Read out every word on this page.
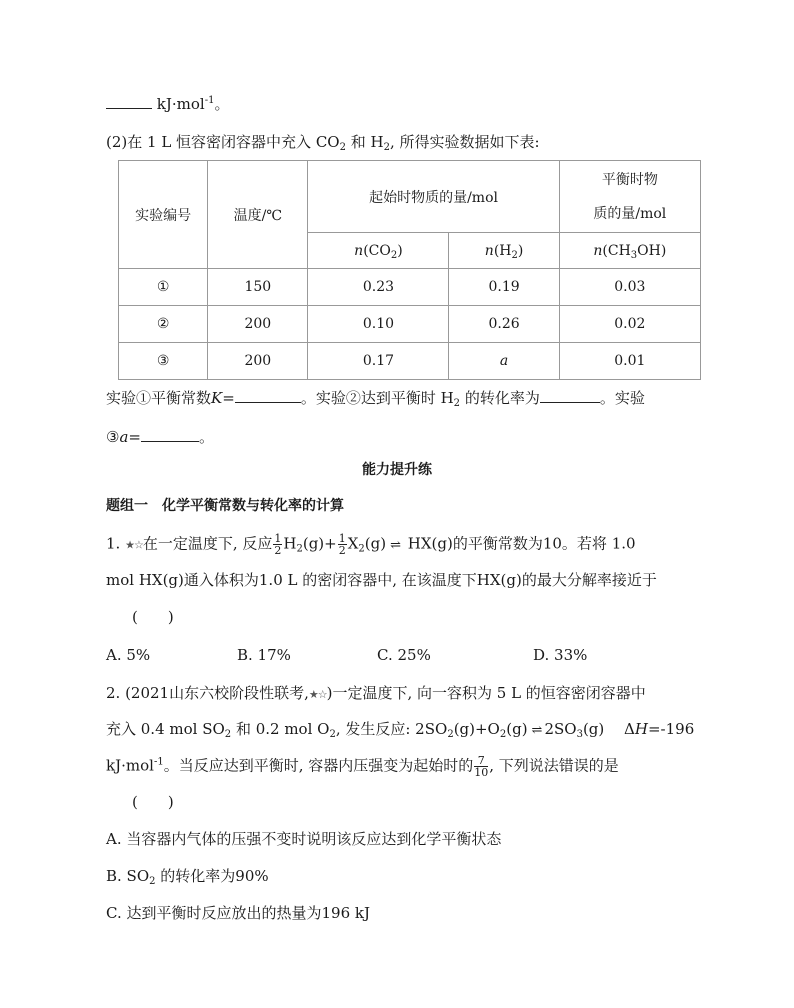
kJ·mol$^{-1}$。
(2)在 1 L 恒容密闭容器中充入 $CO_2$ 和 $H_2$, 所得实验数据如下表:
实验编号	温度/℃	起始时物质的量/mol		平衡时物
质的量/mol

		$n(CO_2)$	$n(H_2)$	$n(CH_3OH)$
①	150	0.23	0.19	0.03
②	200	0.10	0.26	0.02
③	200	0.17	a	0.01
实验①平衡常数K=	。实验②达到平衡时 $H_2$ 的转化率为	。实验
③a=	。
能力提升练
题组一　化学平衡常数与转化率的计算
1. ★☆在一定温度下, 反应 $\frac{1}{2} H_2(g)+ \frac{1}{2} X_2(g)$ ⇌ HX(g)的平衡常数为10。若将 1.0
mol HX(g)通入体积为1.0 L 的密闭容器中, 在该温度下HX(g)的最大分解率接近于
(　　)
A. 5%	B. 17%	C. 25%	D. 33%
2. (2021山东六校阶段性联考,★☆)一定温度下, 向一容积为 5 L 的恒容密闭容器中
充入 0.4 mol $SO_2$ 和 0.2 mol $O_2$, 发生反应: $2SO_2(g)+O_2(g)$ ⇌ $2SO_3(g)$　 ΔH=-196
kJ·mol$^{-1}$。当反应达到平衡时, 容器内压强变为起始时的 $\frac{7}{10}$ , 下列说法错误的是
(　　)
A. 当容器内气体的压强不变时说明该反应达到化学平衡状态
B. $SO_2$ 的转化率为90%
C. 达到平衡时反应放出的热量为196 kJ
